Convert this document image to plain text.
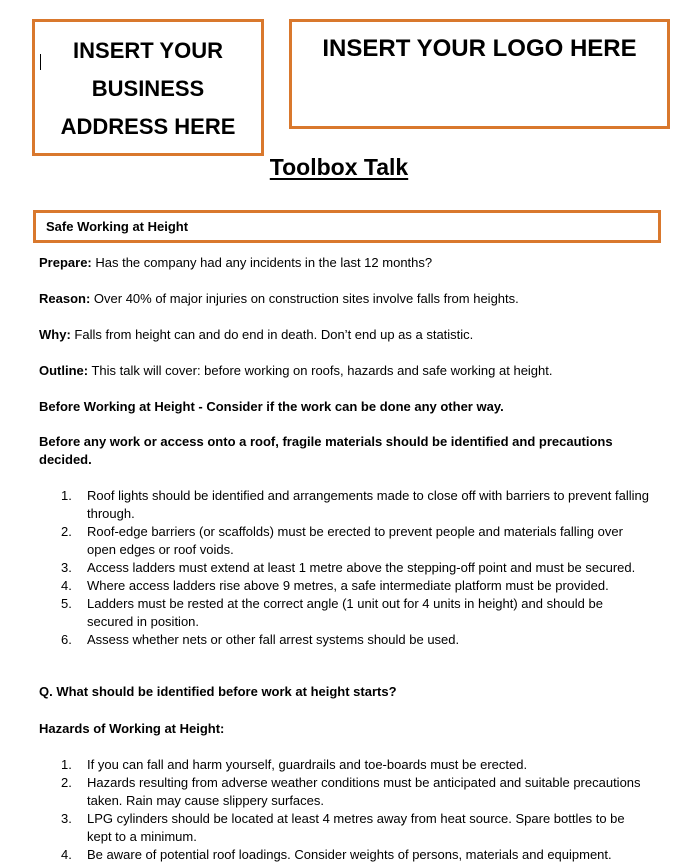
INSERT YOUR
BUSINESS
ADDRESS HERE
INSERT YOUR LOGO HERE
Toolbox Talk
Safe Working at Height
Prepare: Has the company had any incidents in the last 12 months?
Reason: Over 40% of major injuries on construction sites involve falls from heights.
Why: Falls from height can and do end in death. Don’t end up as a statistic.
Outline: This talk will cover: before working on roofs, hazards and safe working at height.
Before Working at Height - Consider if the work can be done any other way.
Before any work or access onto a roof, fragile materials should be identified and precautions decided.
1. Roof lights should be identified and arrangements made to close off with barriers to prevent falling through.
2. Roof-edge barriers (or scaffolds) must be erected to prevent people and materials falling over open edges or roof voids.
3. Access ladders must extend at least 1 metre above the stepping-off point and must be secured.
4. Where access ladders rise above 9 metres, a safe intermediate platform must be provided.
5. Ladders must be rested at the correct angle (1 unit out for 4 units in height) and should be secured in position.
6. Assess whether nets or other fall arrest systems should be used.
Q. What should be identified before work at height starts?
Hazards of Working at Height:
1. If you can fall and harm yourself, guardrails and toe-boards must be erected.
2. Hazards resulting from adverse weather conditions must be anticipated and suitable precautions taken. Rain may cause slippery surfaces.
3. LPG cylinders should be located at least 4 metres away from heat source. Spare bottles to be kept to a minimum.
4. Be aware of potential roof loadings. Consider weights of persons, materials and equipment.
